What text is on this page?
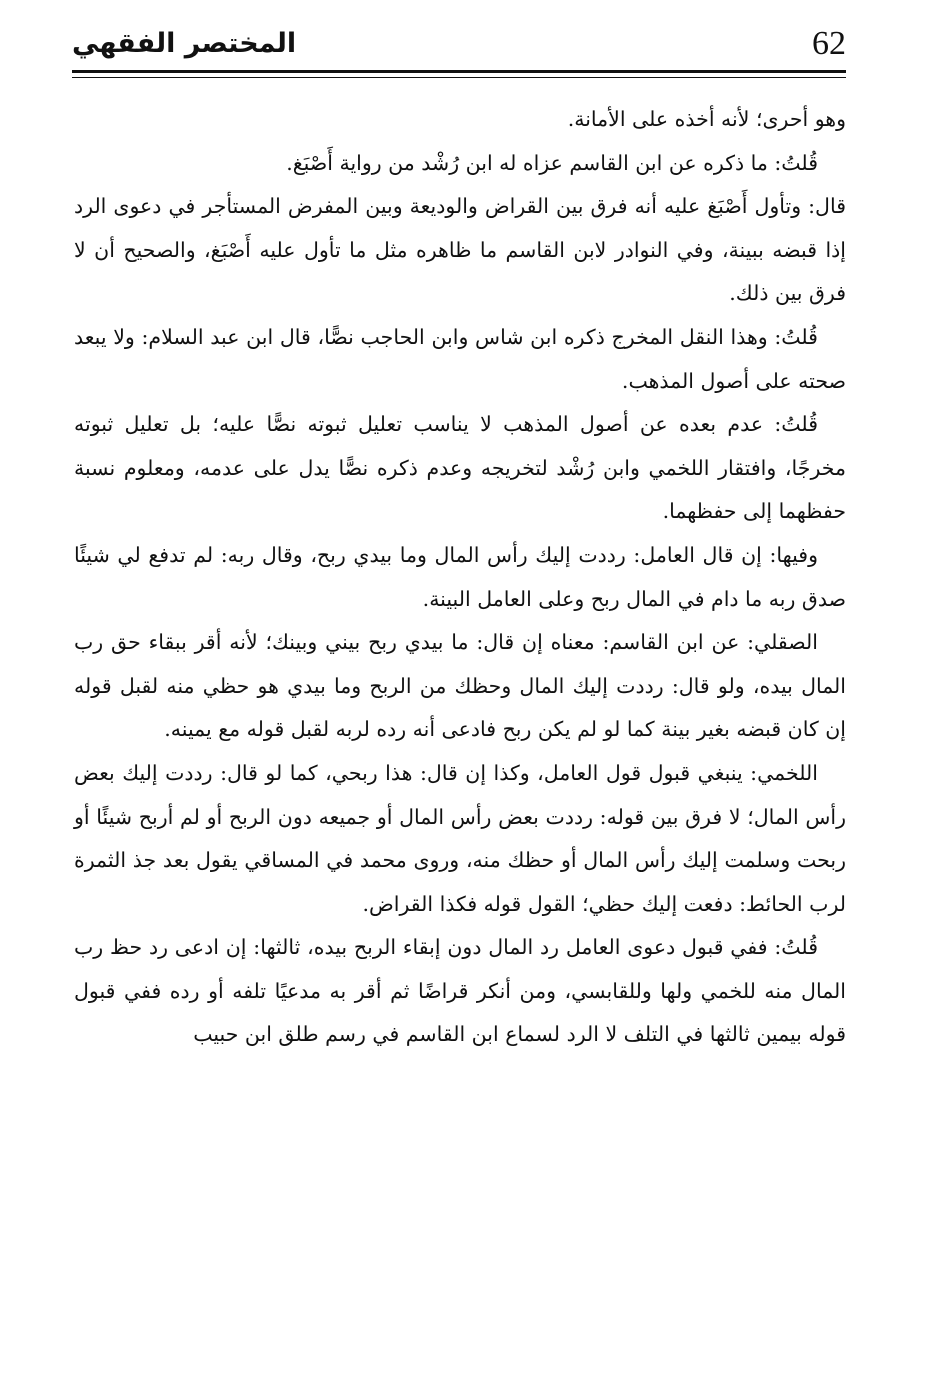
62
المختصر الفقهي

وهو أحرى؛ لأنه أخذه على الأمانة.

قُلتُ: ما ذكره عن ابن القاسم عزاه له ابن رُشْد من رواية أَصْبَغ.

قال: وتأول أَصْبَغ عليه أنه فرق بين القراض والوديعة وبين المفرض المستأجر في دعوى الرد إذا قبضه ببينة، وفي النوادر لابن القاسم ما ظاهره مثل ما تأول عليه أَصْبَغ، والصحيح أن لا فرق بين ذلك.

قُلتُ: وهذا النقل المخرج ذكره ابن شاس وابن الحاجب نصًّا، قال ابن عبد السلام: ولا يبعد صحته على أصول المذهب.

قُلتُ: عدم بعده عن أصول المذهب لا يناسب تعليل ثبوته نصًّا عليه؛ بل تعليل ثبوته مخرجًا، وافتقار اللخمي وابن رُشْد لتخريجه وعدم ذكره نصًّا يدل على عدمه، ومعلوم نسبة حفظهما إلى حفظهما.

وفيها: إن قال العامل: رددت إليك رأس المال وما بيدي ربح، وقال ربه: لم تدفع لي شيئًا صدق ربه ما دام في المال ربح وعلى العامل البينة.

الصقلي: عن ابن القاسم: معناه إن قال: ما بيدي ربح بيني وبينك؛ لأنه أقر ببقاء حق رب المال بيده، ولو قال: رددت إليك المال وحظك من الربح وما بيدي هو حظي منه لقبل قوله إن كان قبضه بغير بينة كما لو لم يكن ربح فادعى أنه رده لربه لقبل قوله مع يمينه.

اللخمي: ينبغي قبول قول العامل، وكذا إن قال: هذا ربحي، كما لو قال: رددت إليك بعض رأس المال؛ لا فرق بين قوله: رددت بعض رأس المال أو جميعه دون الربح أو لم أربح شيئًا أو ربحت وسلمت إليك رأس المال أو حظك منه، وروى محمد في المساقي يقول بعد جذ الثمرة لرب الحائط: دفعت إليك حظي؛ القول قوله فكذا القراض.

قُلتُ: ففي قبول دعوى العامل رد المال دون إبقاء الربح بيده، ثالثها: إن ادعى رد حظ رب المال منه للخمي ولها وللقابسي، ومن أنكر قراضًا ثم أقر به مدعيًا تلفه أو رده ففي قبول قوله بيمين ثالثها في التلف لا الرد لسماع ابن القاسم في رسم طلق ابن حبيب
